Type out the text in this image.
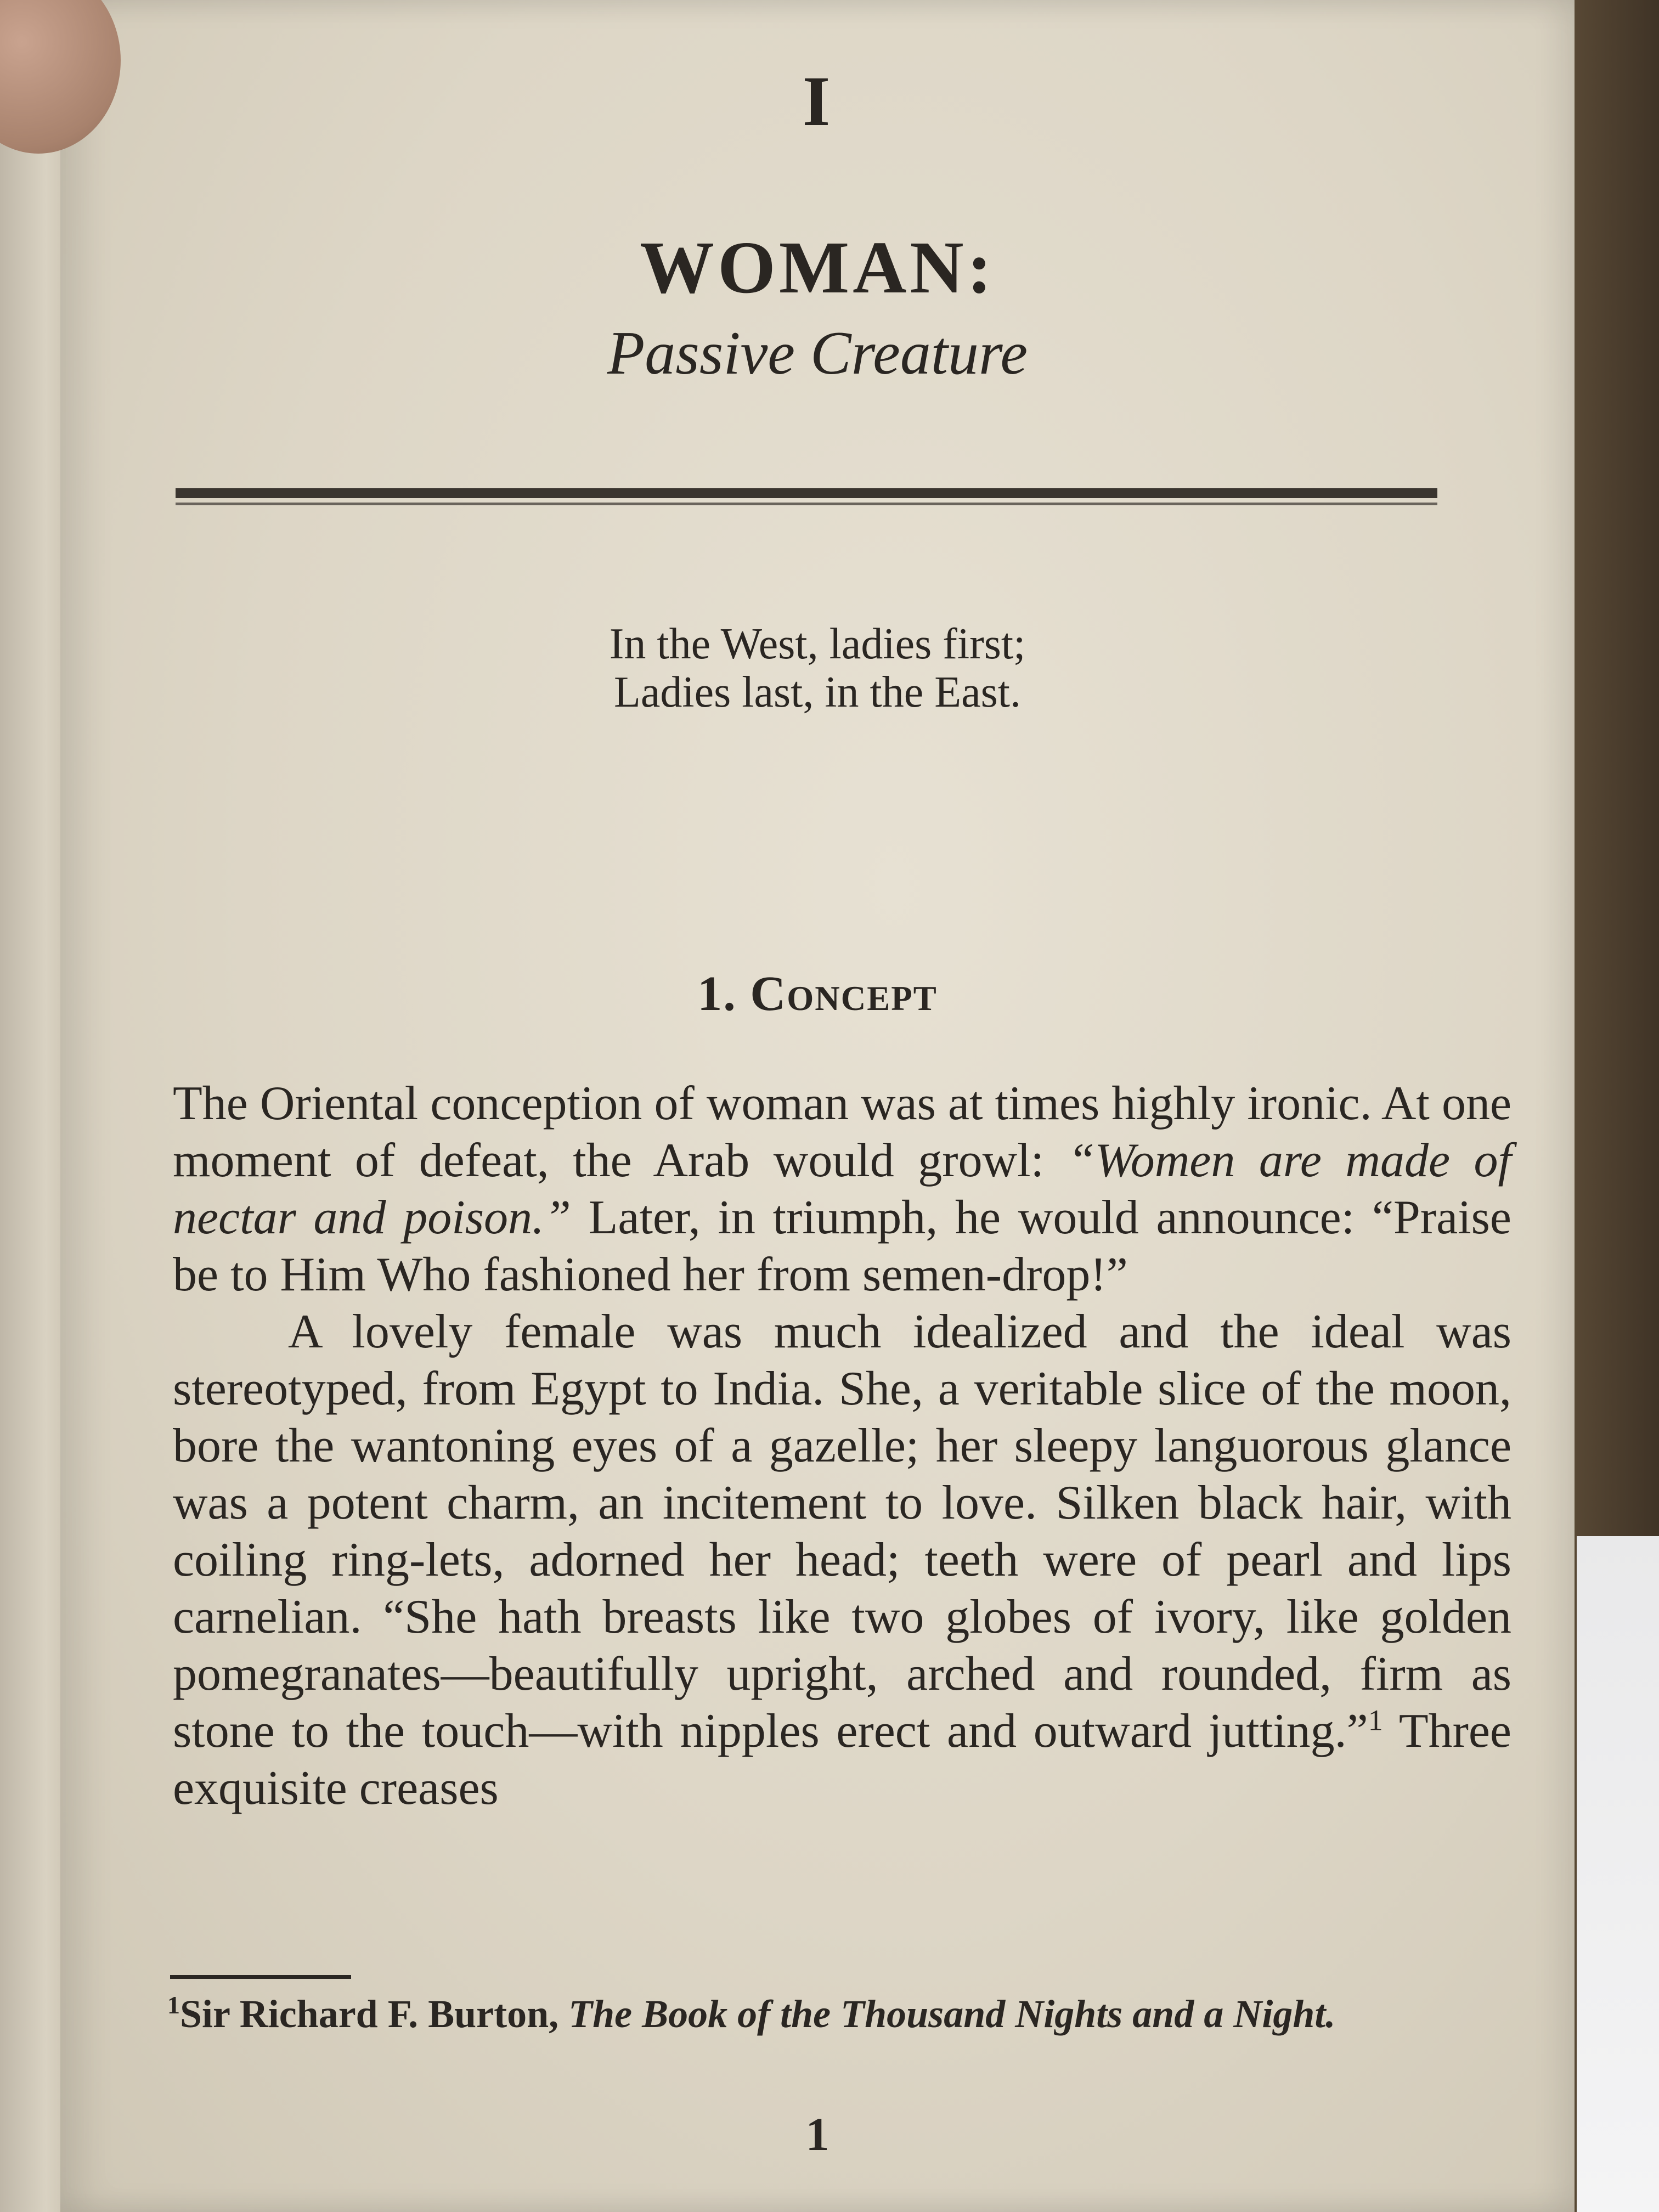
I
WOMAN:
Passive Creature
In the West, ladies first;
Ladies last, in the East.
1. Concept

The Oriental conception of woman was at times highly ironic. At one moment of defeat, the Arab would growl: “Women are made of nectar and poison.” Later, in triumph, he would announce: “Praise be to Him Who fashioned her from semen-drop!”

A lovely female was much idealized and the ideal was stereotyped, from Egypt to India. She, a veritable slice of the moon, bore the wantoning eyes of a gazelle; her sleepy languorous glance was a potent charm, an incitement to love. Silken black hair, with coiling ring-lets, adorned her head; teeth were of pearl and lips carnelian. “She hath breasts like two globes of ivory, like golden pomegranates—beautifully upright, arched and rounded, firm as stone to the touch—with nipples erect and outward jutting.”$^1$ Three exquisite creases

$^1$Sir Richard F. Burton, The Book of the Thousand Nights and a Night.
1
